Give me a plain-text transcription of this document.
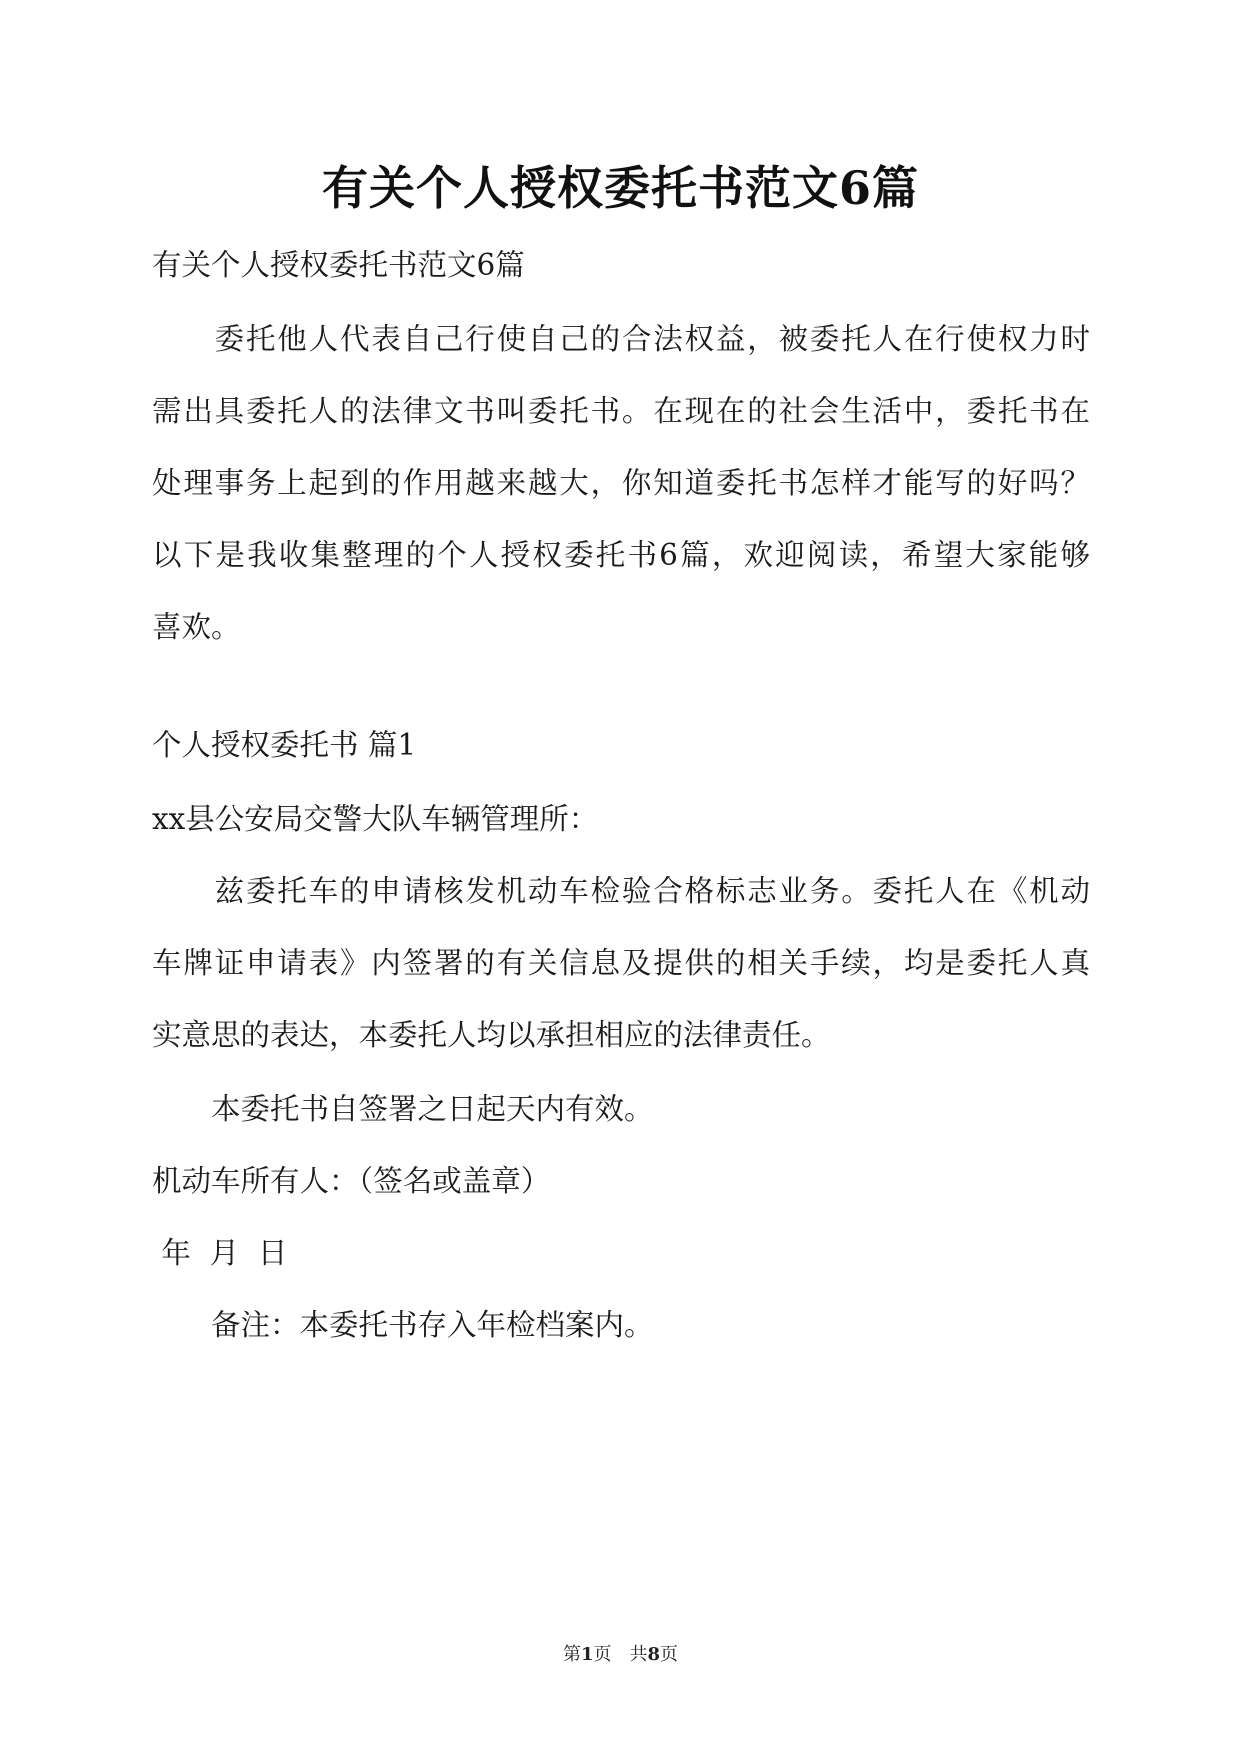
有关个人授权委托书范文6篇
有关个人授权委托书范文6篇
　　委托他人代表自己行使自己的合法权益，被委托人在行使权力时
需出具委托人的法律文书叫委托书。在现在的社会生活中，委托书在
处理事务上起到的作用越来越大，你知道委托书怎样才能写的好吗？
以下是我收集整理的个人授权委托书6篇，欢迎阅读，希望大家能够
喜欢。
个人授权委托书 篇1
xx县公安局交警大队车辆管理所：
　　兹委托车的申请核发机动车检验合格标志业务。委托人在《机动
车牌证申请表》内签署的有关信息及提供的相关手续，均是委托人真
实意思的表达，本委托人均以承担相应的法律责任。
　　本委托书自签署之日起天内有效。
机动车所有人：（签名或盖章）
年  月  日
　　备注：本委托书存入年检档案内。
第1页　共8页
